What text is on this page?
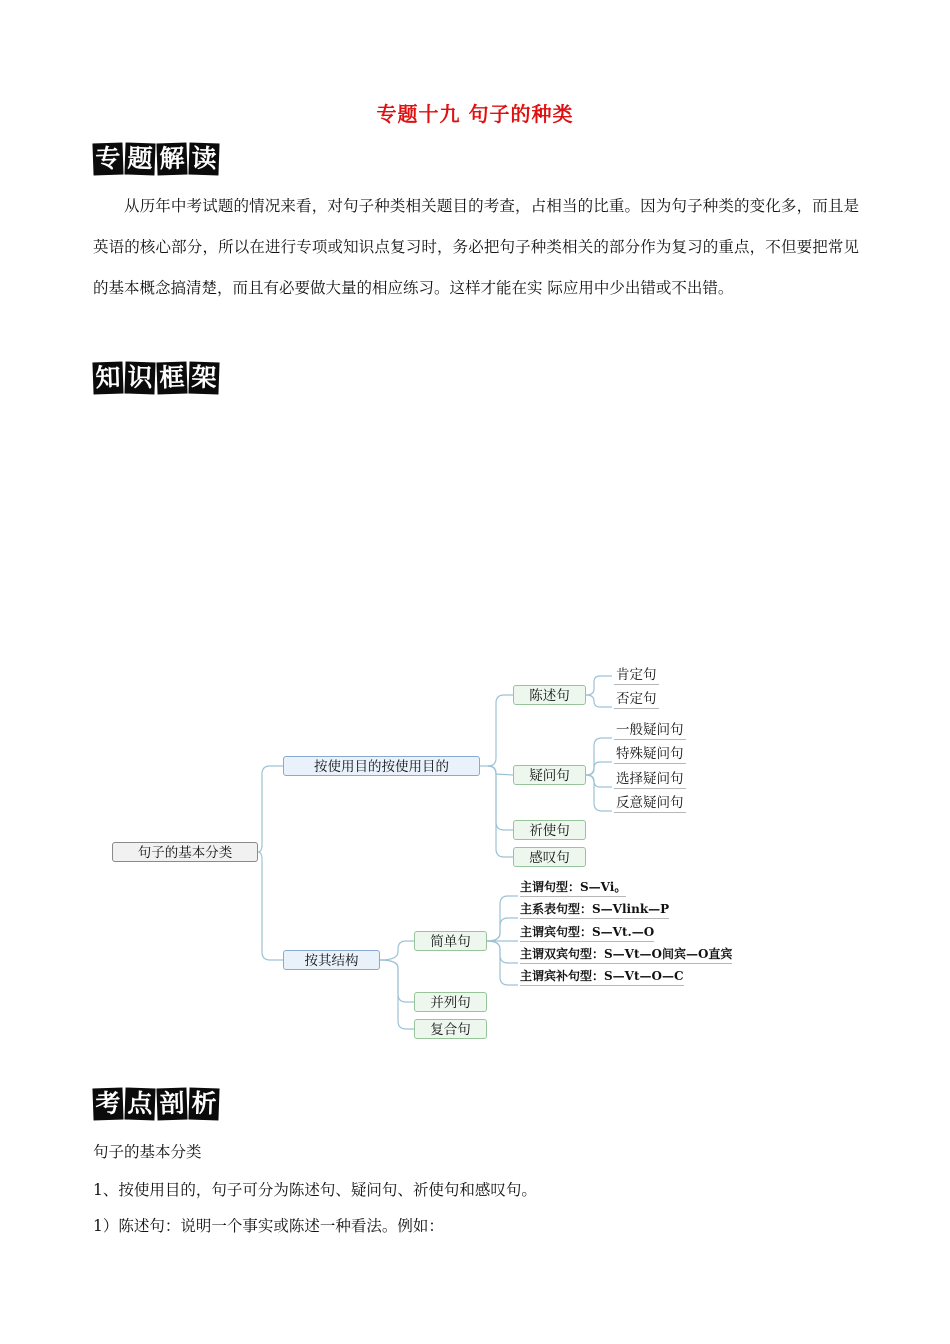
专题十九 句子的种类
专 题 解 读
从历年中考试题的情况来看，对句子种类相关题目的考查，占相当的比重。因为句子种类的变化多，而且是英语的核心部分，所以在进行专项或知识点复习时，务必把句子种类相关的部分作为复习的重点，不但要把常见的基本概念搞清楚，而且有必要做大量的相应练习。这样才能在实 际应用中少出错或不出错。
知 识 框 架
句子的基本分类
按使用目的按使用目的
按其结构
陈述句
疑问句
祈使句
感叹句
肯定句
否定句
一般疑问句
特殊疑问句
选择疑问句
反意疑问句
简单句
并列句
复合句
主谓句型：S—Vi。
主系表句型：S—Vlink—P
主谓宾句型：S—Vt.—O
主谓双宾句型：S—Vt—O间宾—O直宾
主谓宾补句型：S—Vt—O—C
考 点 剖 析
句子的基本分类
1、按使用目的，句子可分为陈述句、疑问句、祈使句和感叹句。
1）陈述句：说明一个事实或陈述一种看法。例如：
